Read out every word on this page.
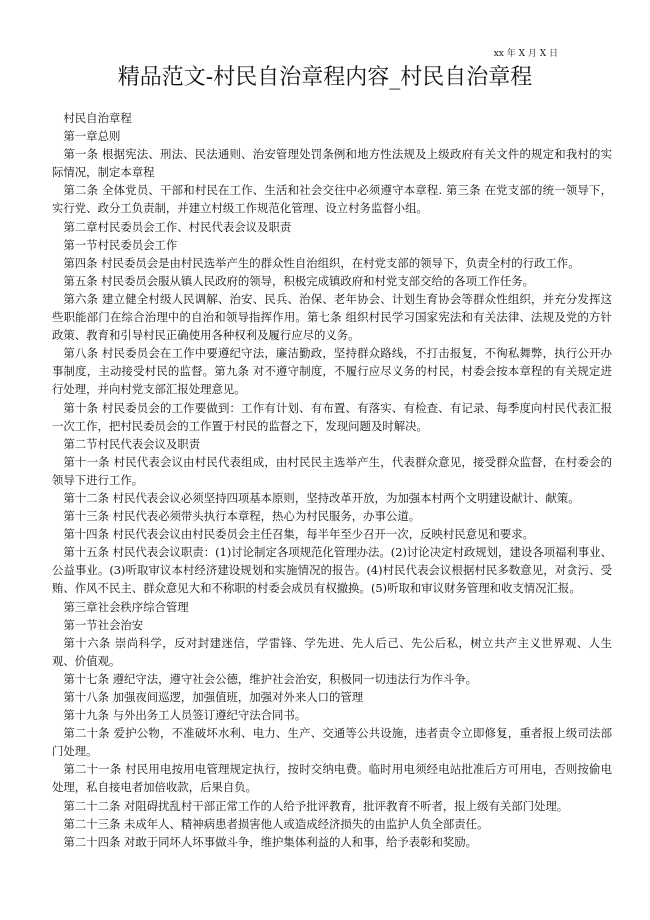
xx 年 X 月 X 日
精品范文-村民自治章程内容_村民自治章程

村民自治章程

第一章总则

第一条 根据宪法、刑法、民法通则、治安管理处罚条例和地方性法规及上级政府有关文件的规定和我村的实际情况，制定本章程

第二条 全体党员、干部和村民在工作、生活和社会交往中必须遵守本章程. 第三条 在党支部的统一领导下，实行党、政分工负责制，并建立村级工作规范化管理、设立村务监督小组。

第二章村民委员会工作、村民代表会议及职责

第一节村民委员会工作

第四条 村民委员会是由村民选举产生的群众性自治组织，在村党支部的领导下，负责全村的行政工作。

第五条 村民委员会服从镇人民政府的领导，积极完成镇政府和村党支部交给的各项工作任务。

第六条 建立健全村级人民调解、治安、民兵、治保、老年协会、计划生育协会等群众性组织，并充分发挥这些职能部门在综合治理中的自治和领导指挥作用。第七条 组织村民学习国家宪法和有关法律、法规及党的方针政策、教育和引导村民正确使用各种权利及履行应尽的义务。

第八条 村民委员会在工作中要遵纪守法，廉洁勤政，坚持群众路线，不打击报复，不徇私舞弊，执行公开办事制度，主动接受村民的监督。第九条 对不遵守制度，不履行应尽义务的村民，村委会按本章程的有关规定进行处理，并向村党支部汇报处理意见。

第十条 村民委员会的工作要做到：工作有计划、有布置、有落实、有检查、有记录、每季度向村民代表汇报一次工作，把村民委员会的工作置于村民的监督之下，发现问题及时解决。

第二节村民代表会议及职责

第十一条 村民代表会议由村民代表组成，由村民民主选举产生，代表群众意见，接受群众监督，在村委会的领导下进行工作。

第十二条 村民代表会议必须坚持四项基本原则，坚持改革开放，为加强本村两个文明建设献计、献策。

第十三条 村民代表必须带头执行本章程，热心为村民服务，办事公道。

第十四条 村民代表会议由村民委员会主任召集，每半年至少召开一次，反映村民意见和要求。

第十五条 村民代表会议职责：(1)讨论制定各项规范化管理办法。(2)讨论决定村政规划，建设各项福利事业、公益事业。(3)听取审议本村经济建设规划和实施情况的报告。(4)村民代表会议根据村民多数意见，对贪污、受贿、作风不民主、群众意见大和不称职的村委会成员有权撤换。(5)听取和审议财务管理和收支情况汇报。

第三章社会秩序综合管理

第一节社会治安

第十六条 崇尚科学，反对封建迷信，学雷锋、学先进、先人后己、先公后私，树立共产主义世界观、人生观、价值观。

第十七条 遵纪守法，遵守社会公德，维护社会治安，积极同一切违法行为作斗争。

第十八条 加强夜间巡逻，加强值班，加强对外来人口的管理

第十九条 与外出务工人员签订遵纪守法合同书。

第二十条 爱护公物，不准破坏水利、电力、生产、交通等公共设施，违者责令立即修复，重者报上级司法部门处理。

第二十一条 村民用电按用电管理规定执行，按时交纳电费。临时用电须经电站批准后方可用电，否则按偷电处理，私自接电者加倍收款，后果自负。

第二十二条 对阻碍扰乱村干部正常工作的人给予批评教育，批评教育不听者，报上级有关部门处理。

第二十三条 未成年人、精神病患者损害他人或造成经济损失的由监护人负全部责任。

第二十四条 对敢于同坏人坏事做斗争，维护集体利益的人和事，给予表彰和奖励。
